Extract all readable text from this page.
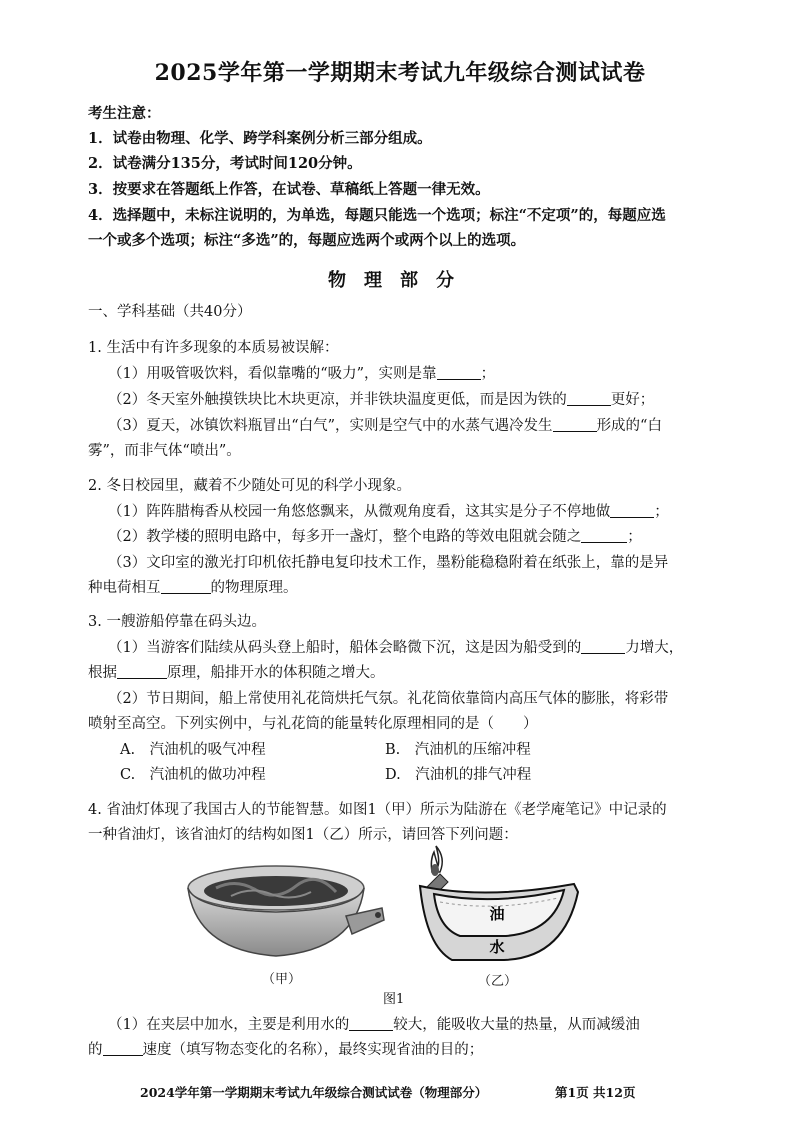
2025学年第一学期期末考试九年级综合测试试卷
考生注意：
1．试卷由物理、化学、跨学科案例分析三部分组成。
2．试卷满分135分，考试时间120分钟。
3．按要求在答题纸上作答，在试卷、草稿纸上答题一律无效。
4．选择题中，未标注说明的，为单选，每题只能选一个选项；标注“不定项”的，每题应选
一个或多个选项；标注“多选”的，每题应选两个或两个以上的选项。
物理部分
一、学科基础（共40分）
1. 生活中有许多现象的本质易被误解：
（1）用吸管吸饮料，看似靠嘴的“吸力”，实则是靠	；
（2）冬天室外触摸铁块比木块更凉，并非铁块温度更低，而是因为铁的	更好；
（3）夏天，冰镇饮料瓶冒出“白气”，实则是空气中的水蒸气遇冷发生	形成的“白
雾”，而非气体“喷出”。
2. 冬日校园里，藏着不少随处可见的科学小现象。
（1）阵阵腊梅香从校园一角悠悠飘来，从微观角度看，这其实是分子不停地做	；
（2）教学楼的照明电路中，每多开一盏灯，整个电路的等效电阻就会随之	；
（3）文印室的激光打印机依托静电复印技术工作，墨粉能稳稳附着在纸张上，靠的是异
种电荷相互	的物理原理。
3. 一艘游船停靠在码头边。
（1）当游客们陆续从码头登上船时，船体会略微下沉，这是因为船受到的	力增大，
根据	原理，船排开水的体积随之增大。
（2）节日期间，船上常使用礼花筒烘托气氛。礼花筒依靠筒内高压气体的膨胀，将彩带
喷射至高空。下列实例中，与礼花筒的能量转化原理相同的是（　　）
A.　汽油机的吸气冲程	B.　汽油机的压缩冲程
C.　汽油机的做功冲程	D.　汽油机的排气冲程
4. 省油灯体现了我国古人的节能智慧。如图1（甲）所示为陆游在《老学庵笔记》中记录的
一种省油灯，该省油灯的结构如图1（乙）所示，请回答下列问题：
（甲）
油
水
（乙）
图1
（1）在夹层中加水，主要是利用水的	较大，能吸收大量的热量，从而减缓油
的	速度（填写物态变化的名称），最终实现省油的目的；
2024学年第一学期期末考试九年级综合测试试卷（物理部分）	第1页 共12页
